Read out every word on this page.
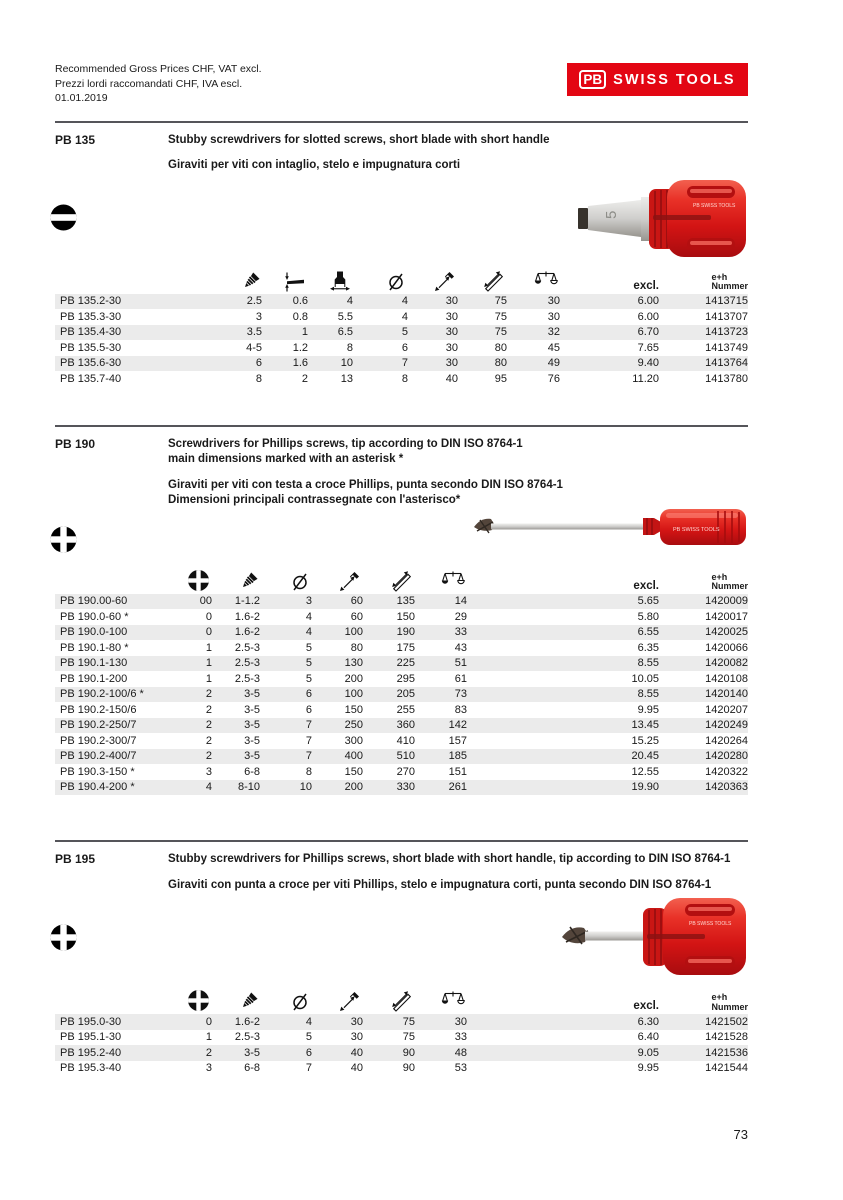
Recommended Gross Prices CHF, VAT excl.
Prezzi lordi raccomandati CHF, IVA escl.
01.01.2019
PB SWISS TOOLS
PB 135	Stubby screwdrivers for slotted screws, short blade with short handle
Giraviti per viti con intaglio, stelo e impugnatura corti
5
PB SWISS TOOLS
excl.
e+h
Nummer
PB 135.2-30	2.5	0.6	4	4	30	75	30	6.00	1413715
PB 135.3-30	3	0.8	5.5	4	30	75	30	6.00	1413707
PB 135.4-30	3.5	1	6.5	5	30	75	32	6.70	1413723
PB 135.5-30	4-5	1.2	8	6	30	80	45	7.65	1413749
PB 135.6-30	6	1.6	10	7	30	80	49	9.40	1413764
PB 135.7-40	8	2	13	8	40	95	76	11.20	1413780
PB 190	Screwdrivers for Phillips screws, tip according to DIN ISO 8764-1
main dimensions marked with an asterisk *
Giraviti per viti con testa a croce Phillips, punta secondo DIN ISO 8764-1
Dimensioni principali contrassegnate con l'asterisco*
PB SWISS TOOLS
excl.
e+h
Nummer
PB 190.00-60	00	1-1.2	3	60	135	14	5.65	1420009
PB 190.0-60 *	0	1.6-2	4	60	150	29	5.80	1420017
PB 190.0-100	0	1.6-2	4	100	190	33	6.55	1420025
PB 190.1-80 *	1	2.5-3	5	80	175	43	6.35	1420066
PB 190.1-130	1	2.5-3	5	130	225	51	8.55	1420082
PB 190.1-200	1	2.5-3	5	200	295	61	10.05	1420108
PB 190.2-100/6 *	2	3-5	6	100	205	73	8.55	1420140
PB 190.2-150/6	2	3-5	6	150	255	83	9.95	1420207
PB 190.2-250/7	2	3-5	7	250	360	142	13.45	1420249
PB 190.2-300/7	2	3-5	7	300	410	157	15.25	1420264
PB 190.2-400/7	2	3-5	7	400	510	185	20.45	1420280
PB 190.3-150 *	3	6-8	8	150	270	151	12.55	1420322
PB 190.4-200 *	4	8-10	10	200	330	261	19.90	1420363
PB 195	Stubby screwdrivers for Phillips screws, short blade with short handle, tip according to DIN ISO 8764-1
Giraviti con punta a croce per viti Phillips, stelo e impugnatura corti, punta secondo DIN ISO 8764-1
PB SWISS TOOLS
excl.
e+h
Nummer
PB 195.0-30	0	1.6-2	4	30	75	30	6.30	1421502
PB 195.1-30	1	2.5-3	5	30	75	33	6.40	1421528
PB 195.2-40	2	3-5	6	40	90	48	9.05	1421536
PB 195.3-40	3	6-8	7	40	90	53	9.95	1421544
73
